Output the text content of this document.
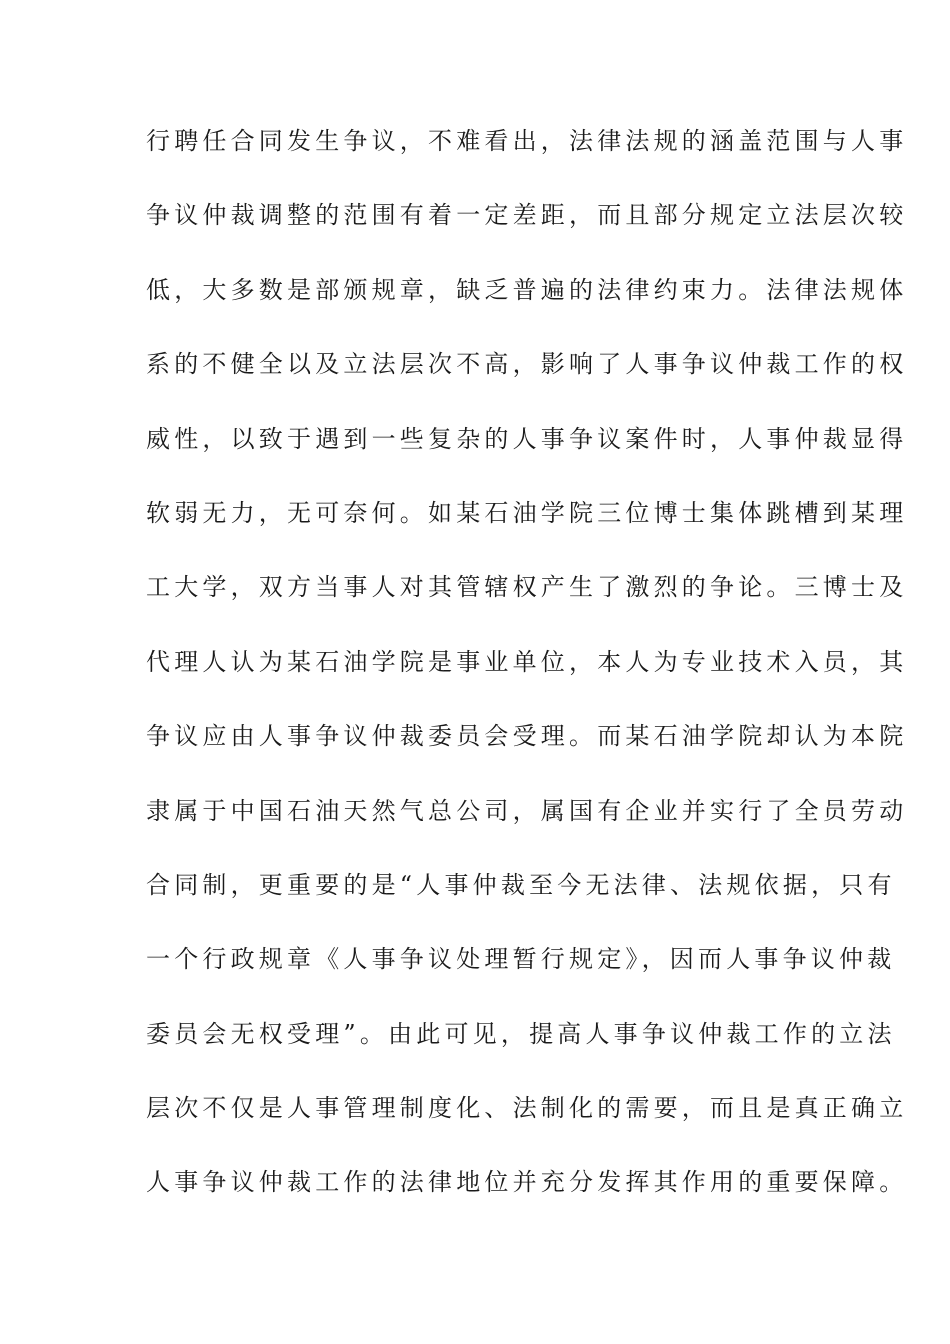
行聘任合同发生争议，不难看出，法律法规的涵盖范围与人事
争议仲裁调整的范围有着一定差距，而且部分规定立法层次较
低，大多数是部颁规章，缺乏普遍的法律约束力。法律法规体
系的不健全以及立法层次不高，影响了人事争议仲裁工作的权
威性，以致于遇到一些复杂的人事争议案件时，人事仲裁显得
软弱无力，无可奈何。如某石油学院三位博士集体跳槽到某理
工大学，双方当事人对其管辖权产生了激烈的争论。三博士及
代理人认为某石油学院是事业单位，本人为专业技术入员，其
争议应由人事争议仲裁委员会受理。而某石油学院却认为本院
隶属于中国石油天然气总公司，属国有企业并实行了全员劳动
合同制，更重要的是“人事仲裁至今无法律、法规依据，只有
一个行政规章《人事争议处理暂行规定》，因而人事争议仲裁
委员会无权受理”。由此可见，提高人事争议仲裁工作的立法
层次不仅是人事管理制度化、法制化的需要，而且是真正确立
人事争议仲裁工作的法律地位并充分发挥其作用的重要保障。
